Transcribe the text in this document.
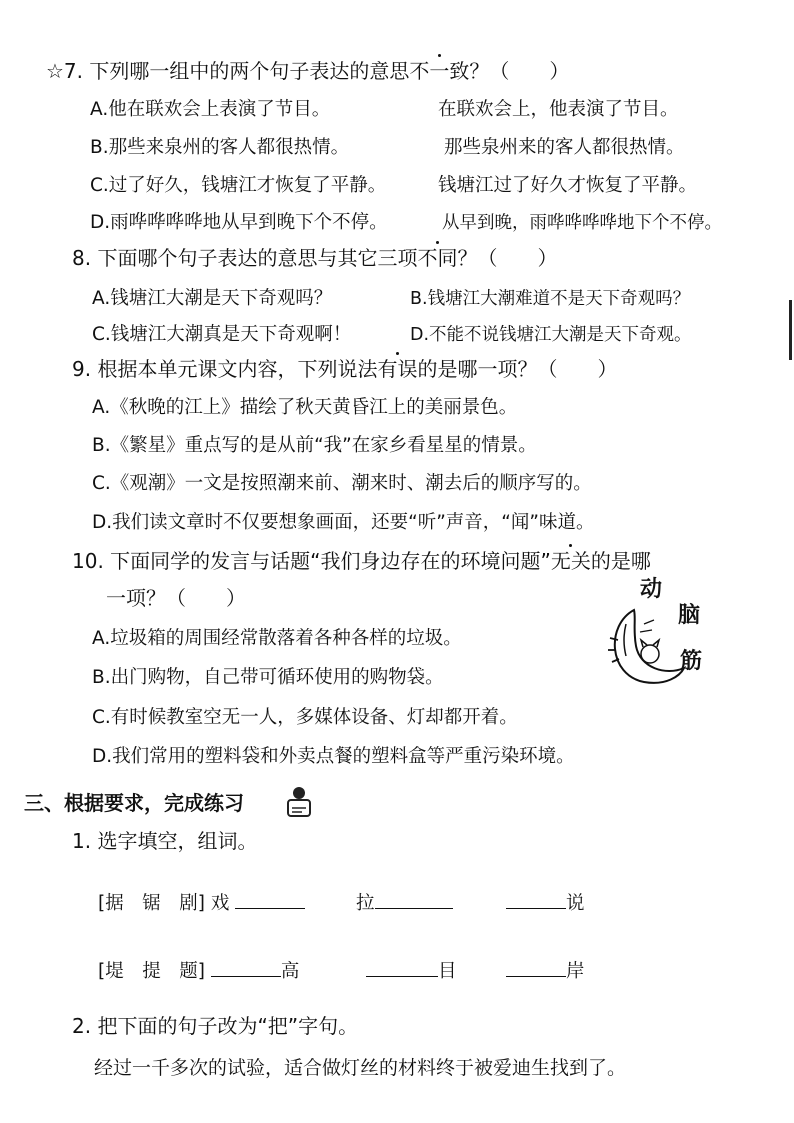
☆7. 下列哪一组中的两个句子表达的意思不一致？（　　）
A.他在联欢会上表演了节目。	在联欢会上，他表演了节目。
B.那些来泉州的客人都很热情。	那些泉州来的客人都很热情。
C.过了好久，钱塘江才恢复了平静。	钱塘江过了好久才恢复了平静。
D.雨哗哗哗哗地从早到晚下个不停。	从早到晚，雨哗哗哗哗地下个不停。
8. 下面哪个句子表达的意思与其它三项不同？（　　）
A.钱塘江大潮是天下奇观吗？	B.钱塘江大潮难道不是天下奇观吗？
C.钱塘江大潮真是天下奇观啊！	D.不能不说钱塘江大潮是天下奇观。
9. 根据本单元课文内容，下列说法有误的是哪一项？（　　）
A.《秋晚的江上》描绘了秋天黄昏江上的美丽景色。
B.《繁星》重点写的是从前“我”在家乡看星星的情景。
C.《观潮》一文是按照潮来前、潮来时、潮去后的顺序写的。
D.我们读文章时不仅要想象画面，还要“听”声音，“闻”味道。
10. 下面同学的发言与话题“我们身边存在的环境问题”无关的是哪
一项？（　　）
A.垃圾箱的周围经常散落着各种各样的垃圾。
B.出门购物，自己带可循环使用的购物袋。
C.有时候教室空无一人，多媒体设备、灯却都开着。
D.我们常用的塑料袋和外卖点餐的塑料盒等严重污染环境。
动
脑
筋
三、根据要求，完成练习
1. 选字填空，组词。
[据　锯　剧] 戏	拉	说
[堤　提　题]	高	目	岸
2. 把下面的句子改为“把”字句。
经过一千多次的试验，适合做灯丝的材料终于被爱迪生找到了。
